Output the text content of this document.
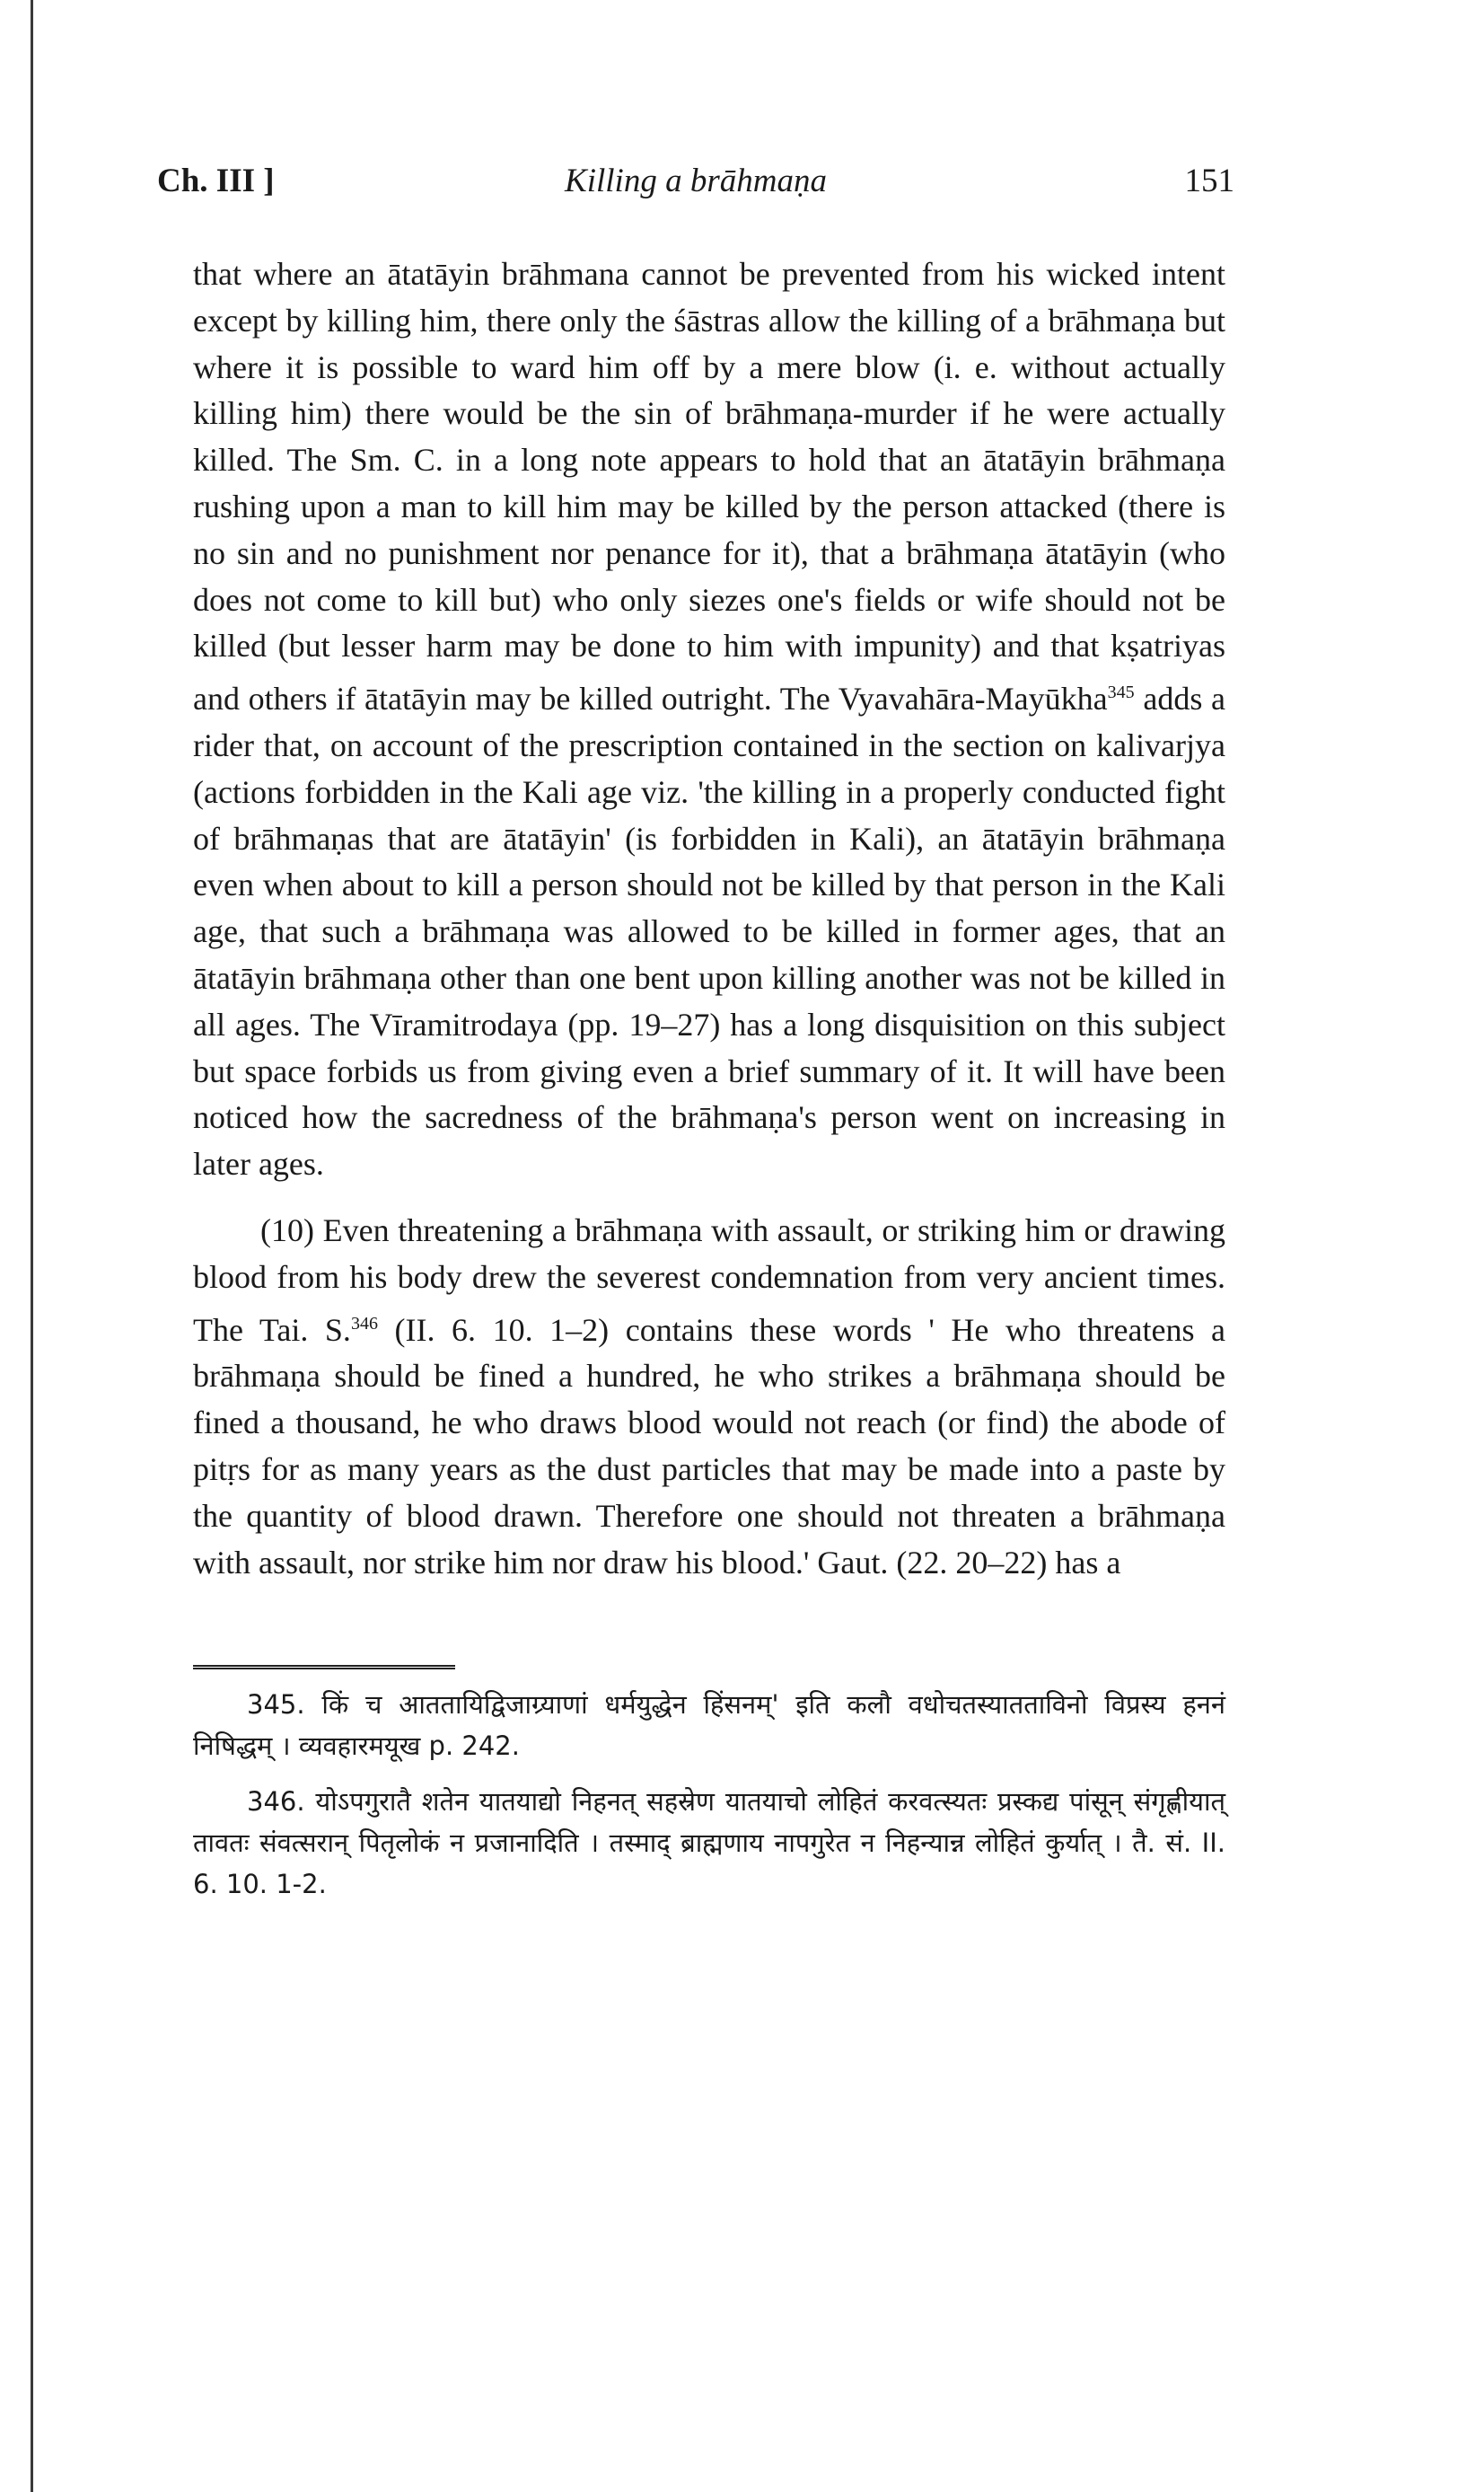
Ch. III ]	Killing a brāhmaṇa	151

that where an ātatāyin brāhmana cannot be prevented from his wicked intent except by killing him, there only the śāstras allow the killing of a brāhmaṇa but where it is possible to ward him off by a mere blow (i. e. without actually killing him) there would be the sin of brāhmaṇa-murder if he were actually killed. The Sm. C. in a long note appears to hold that an ātatāyin brāhmaṇa rushing upon a man to kill him may be killed by the person attacked (there is no sin and no punishment nor penance for it), that a brāhmaṇa ātatāyin (who does not come to kill but) who only siezes one's fields or wife should not be killed (but lesser harm may be done to him with impunity) and that kṣatriyas and others if ātatāyin may be killed outright. The Vyavahāra-Mayūkha$^{345}$ adds a rider that, on account of the prescription contained in the section on kalivarjya (actions forbidden in the Kali age viz. 'the killing in a properly conducted fight of brāhmaṇas that are ātatāyin' (is forbidden in Kali), an ātatāyin brāhmaṇa even when about to kill a person should not be killed by that person in the Kali age, that such a brāhmaṇa was allowed to be killed in former ages, that an ātatāyin brāhmaṇa other than one bent upon killing another was not be killed in all ages. The Vīramitrodaya (pp. 19–27) has a long disquisition on this subject but space forbids us from giving even a brief summary of it. It will have been noticed how the sacredness of the brāhmaṇa's person went on increasing in later ages.

(10) Even threatening a brāhmaṇa with assault, or striking him or drawing blood from his body drew the severest condemnation from very ancient times. The Tai. S.$^{346}$ (II. 6. 10. 1–2) contains these words ' He who threatens a brāhmaṇa should be fined a hundred, he who strikes a brāhmaṇa should be fined a thousand, he who draws blood would not reach (or find) the abode of pitṛs for as many years as the dust particles that may be made into a paste by the quantity of blood drawn. Therefore one should not threaten a brāhmaṇa with assault, nor strike him nor draw his blood.' Gaut. (22. 20–22) has a

345. किं च आततायिद्विजाग्र्याणां धर्मयुद्धेन हिंसनम्' इति कलौ वधोचतस्यातताविनो विप्रस्य हननं निषिद्धम् । व्यवहारमयूख p. 242.

346. योऽपगुरातै शतेन यातयाद्यो निहनत् सहस्रेण यातयाचो लोहितं करवत्स्यतः प्रस्कद्य पांसून् संगृह्णीयात् तावतः संवत्सरान् पितृलोकं न प्रजानादिति । तस्माद् ब्राह्मणाय नापगुरेत न निहन्यान्न लोहितं कुर्यात् । तै. सं. II. 6. 10. 1-2.
